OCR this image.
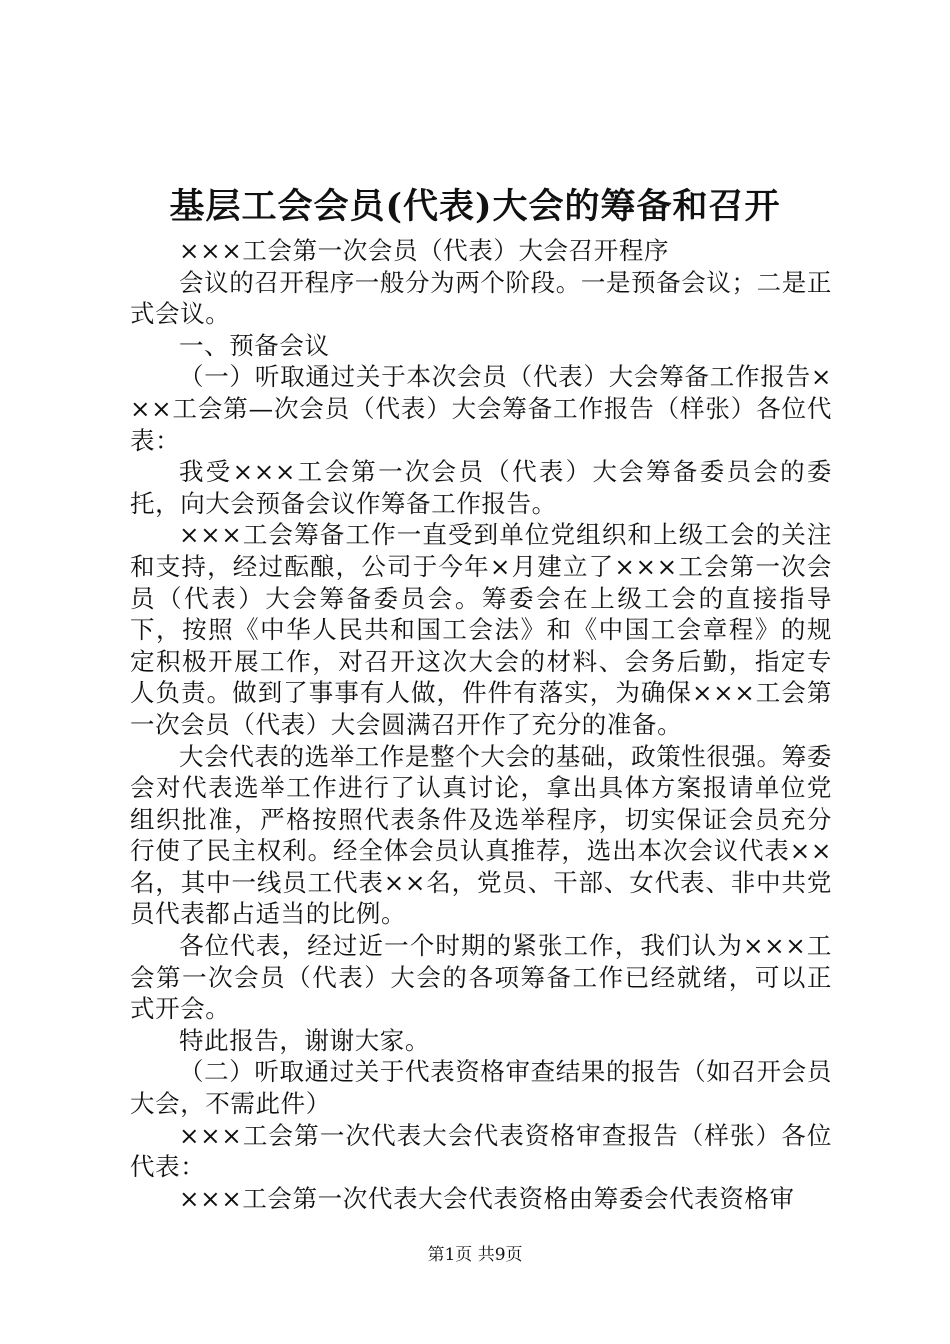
基层工会会员(代表)大会的筹备和召开

×××工会第一次会员（代表）大会召开程序

会议的召开程序一般分为两个阶段。一是预备会议；二是正式会议。

一、预备会议

（一）听取通过关于本次会员（代表）大会筹备工作报告×××工会第—次会员（代表）大会筹备工作报告（样张）各位代表：

我受×××工会第一次会员（代表）大会筹备委员会的委托，向大会预备会议作筹备工作报告。

×××工会筹备工作一直受到单位党组织和上级工会的关注和支持，经过酝酿，公司于今年×月建立了×××工会第一次会员（代表）大会筹备委员会。筹委会在上级工会的直接指导下，按照《中华人民共和国工会法》和《中国工会章程》的规定积极开展工作，对召开这次大会的材料、会务后勤，指定专人负责。做到了事事有人做，件件有落实，为确保×××工会第一次会员（代表）大会圆满召开作了充分的准备。

大会代表的选举工作是整个大会的基础，政策性很强。筹委会对代表选举工作进行了认真讨论，拿出具体方案报请单位党组织批准，严格按照代表条件及选举程序，切实保证会员充分行使了民主权利。经全体会员认真推荐，选出本次会议代表××名，其中一线员工代表××名，党员、干部、女代表、非中共党员代表都占适当的比例。

各位代表，经过近一个时期的紧张工作，我们认为×××工会第一次会员（代表）大会的各项筹备工作已经就绪，可以正式开会。

特此报告，谢谢大家。

（二）听取通过关于代表资格审查结果的报告（如召开会员大会，不需此件）

×××工会第一次代表大会代表资格审查报告（样张）各位代表：

×××工会第一次代表大会代表资格由筹委会代表资格审

第1页 共9页
